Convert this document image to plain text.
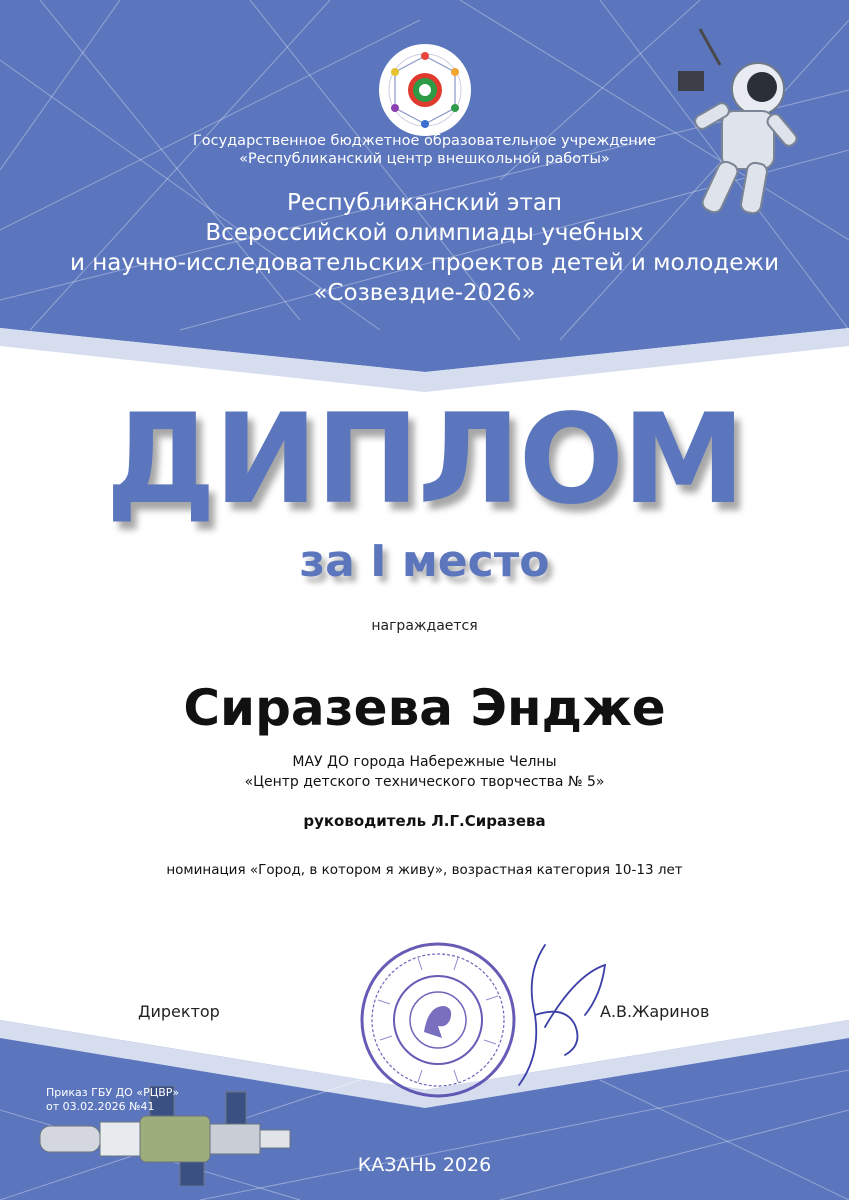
Государственное бюджетное образовательное учреждение
«Республиканский центр внешкольной работы»
Республиканский этап
Всероссийской олимпиады учебных
и научно-исследовательских проектов детей и молодежи
«Созвездие-2026»
ДИПЛОМ
за I место
награждается
Сиразева Эндже
МАУ ДО города Набережные Челны
«Центр детского технического творчества № 5»
руководитель Л.Г.Сиразева
номинация «Город, в котором я живу», возрастная категория 10-13 лет
Директор	А.В.Жаринов
Приказ ГБУ ДО «РЦВР»
от 03.02.2026 №41
КАЗАНЬ 2026
